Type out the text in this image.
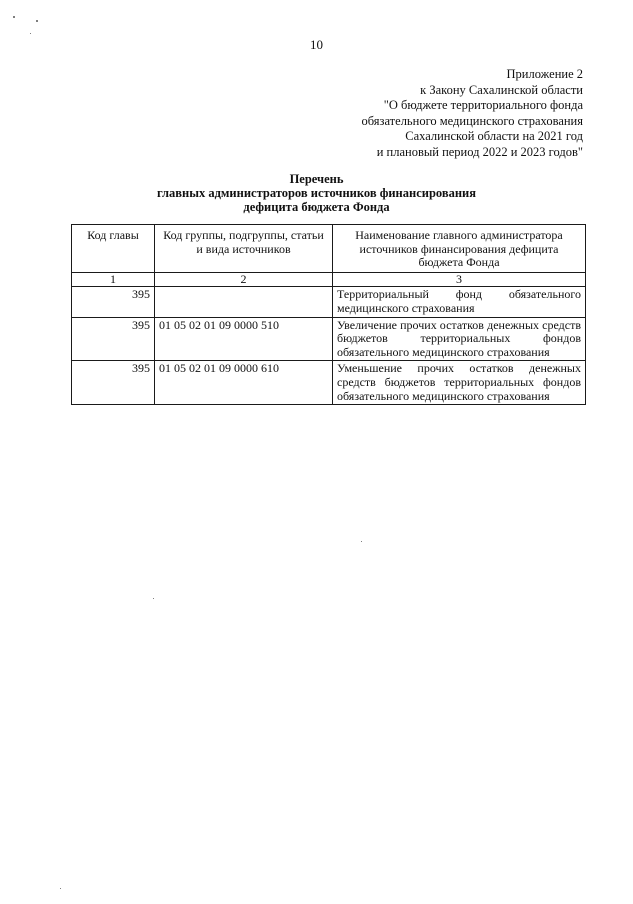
10
Приложение 2
к Закону Сахалинской области
"О бюджете территориального фонда
обязательного медицинского страхования
Сахалинской области на 2021 год
и плановый период 2022 и 2023 годов"
Перечень
главных администраторов источников финансирования
дефицита бюджета Фонда
Код главы	Код группы, подгруппы, статьи и вида источников	Наименование главного администратора источников финансирования дефицита бюджета Фонда
1	2	3
395		Территориальный фонд обязательного медицинского страхования
395	01 05 02 01 09 0000 510	Увеличение прочих остатков денежных средств бюджетов территориальных фондов обязательного медицинского страхования
395	01 05 02 01 09 0000 610	Уменьшение прочих остатков денежных средств бюджетов территориальных фондов обязательного медицинского страхования
